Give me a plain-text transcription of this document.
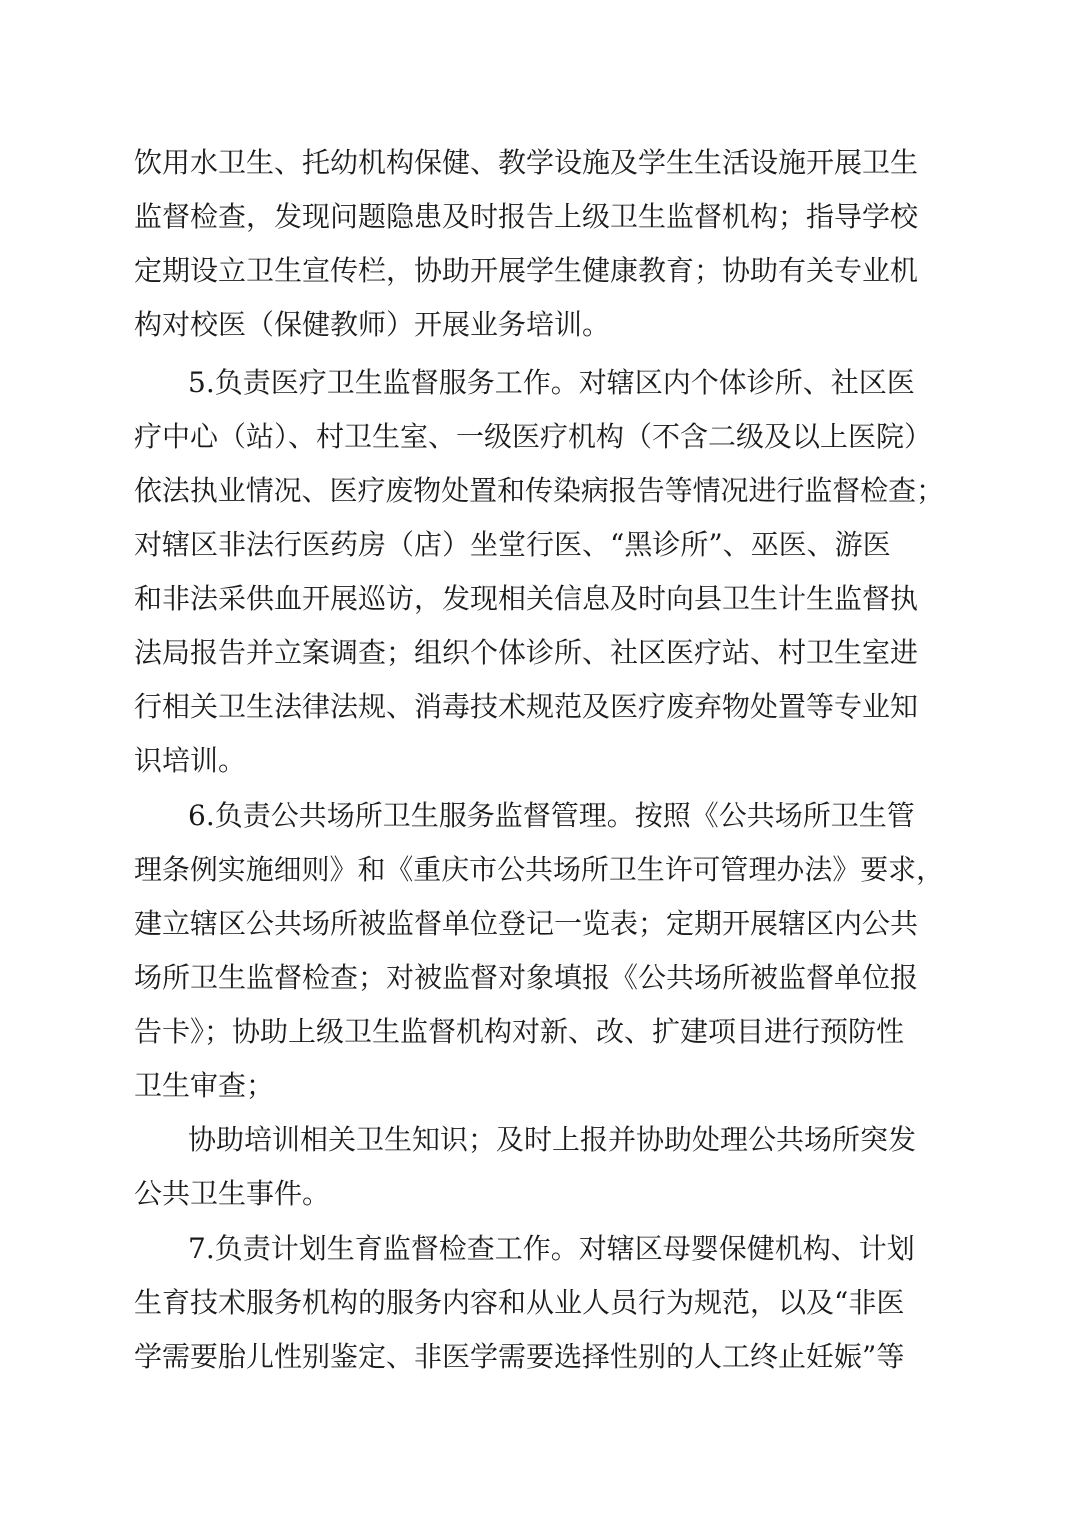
饮用水卫生、托幼机构保健、教学设施及学生生活设施开展卫生
监督检查，发现问题隐患及时报告上级卫生监督机构；指导学校
定期设立卫生宣传栏，协助开展学生健康教育；协助有关专业机
构对校医（保健教师）开展业务培训。
5.负责医疗卫生监督服务工作。对辖区内个体诊所、社区医
疗中心（站）、村卫生室、一级医疗机构（不含二级及以上医院）
依法执业情况、医疗废物处置和传染病报告等情况进行监督检查；
对辖区非法行医药房（店）坐堂行医、“黑诊所”、巫医、游医
和非法采供血开展巡访，发现相关信息及时向县卫生计生监督执
法局报告并立案调查；组织个体诊所、社区医疗站、村卫生室进
行相关卫生法律法规、消毒技术规范及医疗废弃物处置等专业知
识培训。
6.负责公共场所卫生服务监督管理。按照《公共场所卫生管
理条例实施细则》和《重庆市公共场所卫生许可管理办法》要求，
建立辖区公共场所被监督单位登记一览表；定期开展辖区内公共
场所卫生监督检查；对被监督对象填报《公共场所被监督单位报
告卡》；协助上级卫生监督机构对新、改、扩建项目进行预防性
卫生审查；
协助培训相关卫生知识；及时上报并协助处理公共场所突发
公共卫生事件。
7.负责计划生育监督检查工作。对辖区母婴保健机构、计划
生育技术服务机构的服务内容和从业人员行为规范，以及“非医
学需要胎儿性别鉴定、非医学需要选择性别的人工终止妊娠”等
